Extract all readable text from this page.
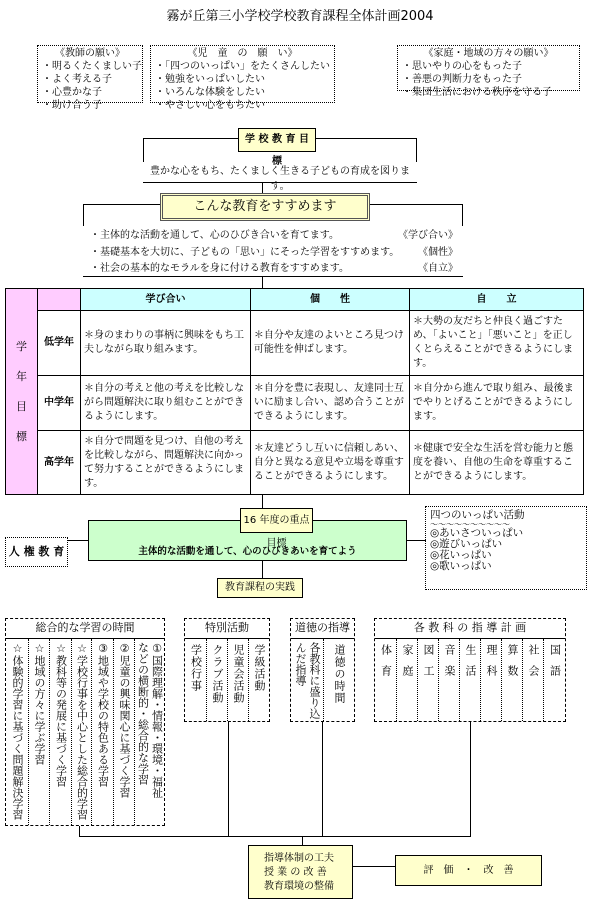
霧が丘第三小学校学校教育課程全体計画2004
《教師の願い》
・明るくたくましい子
・よく考える子
・心豊かな子
・助け合う子
《児　童　の　願　い》
・「四つのいっぱい」をたくさんしたい
・勉強をいっぱいしたい
・いろんな体験をしたい
・やさしい心をもちたい
《家庭・地域の方々の願い》
・思いやりの心をもった子
・善悪の判断力をもった子
・集団生活における秩序を守る子
学 校 教 育 目 標
豊かな心をもち、たくましく生きる子どもの育成を図ります。
こんな教育をすすめます
・主体的な活動を通して、心のひびき合いを育てます。	《学び合い》
・基礎基本を大切に、子どもの「思い」にそった学習をすすめます。 《個性》
・社会の基本的なモラルを身に付ける教育をすすめます。	《自立》
学年目標		学び合い	個　　性	自　　立
	低学年	＊身のまわりの事柄に興味をもち工夫しながら取り組みます。	＊自分や友達のよいところ見つけ可能性を伸ばします。	＊大勢の友だちと仲良く過ごすため、「よいこと」「悪いこと」を正しくとらえることができるようにします。
	中学年	＊自分の考えと他の考えを比較しながら問題解決に取り組むことができるようにします。	＊自分を豊に表現し、友達同士互いに励まし合い、認め合うことができるようにします。	＊自分から進んで取り組み、最後までやりとげることができるようにします。
	高学年	＊自分で問題を見つけ、自他の考えを比較しながら、問題解決に向かって努力することができるようにします。	＊友達どうし互いに信頼しあい、自分と異なる意見や立場を尊重することができるようにします。	＊健康で安全な生活を営む能力と態度を養い、自他の生命を尊重することができるようにします。
16 年度の重点目標
主体的な活動を通して、心のひびきあいを育てよう
人 権 教 育
四つのいっぱい活動
～～～～～～～～～～
◎あいさついっぱい
◎遊びいっぱい
◎花いっぱい
◎歌いっぱい
教育課程の実践
総合的な学習の時間
☆体験的学習に基づく問題解決学習 ☆地域の方々に学ぶ学習 ☆教科等の発展に基づく学習 ☆学校行事を中心とした総合的学習 ③地域や学校の特色ある学習 ②児童の興味関心に基づく学習 ①国際理解・情報・環境・福祉
などの横断的・総合的な学習
特別活動
学校行事 クラブ活動 児童会活動 学級活動
道徳の指導
各教科に盛り込んだ指導	道徳の時間
各 教 科 の 指 導 計 画
体育 家庭 図工 音楽 生活 理科 算数 社会 国語
指導体制の工夫
授 業 の 改 善
教育環境の整備
評　価　・　改　善
